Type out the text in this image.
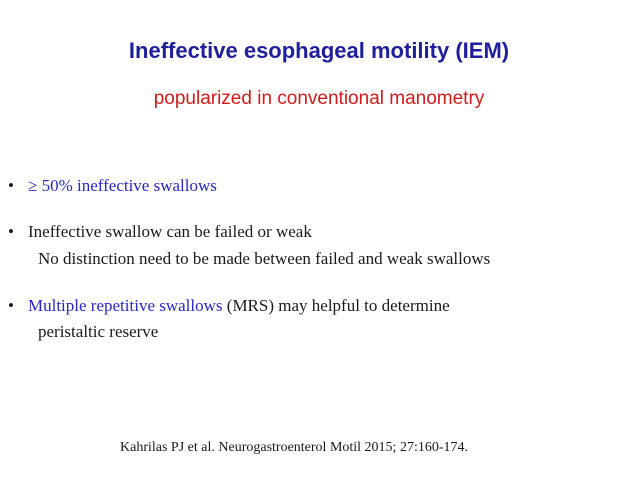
Ineffective esophageal motility (IEM)
popularized in conventional manometry
• ≥ 50% ineffective swallows
• Ineffective swallow can be failed or weak
No distinction need to be made between failed and weak swallows
• Multiple repetitive swallows (MRS) may helpful to determine
peristaltic reserve
Kahrilas PJ et al. Neurogastroenterol Motil 2015; 27:160-174.
